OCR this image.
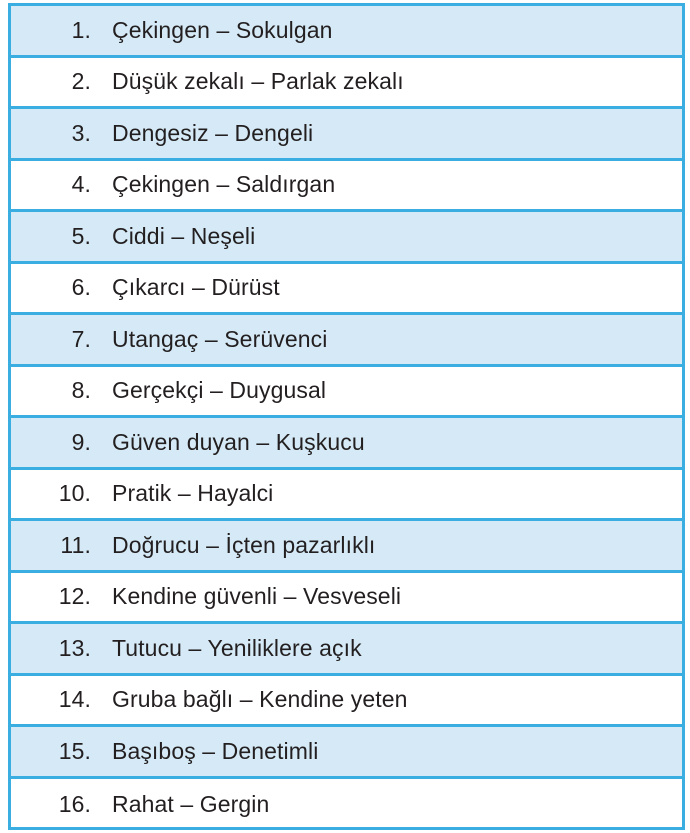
1. Çekingen – Sokulgan
2. Düşük zekalı – Parlak zekalı
3. Dengesiz – Dengeli
4. Çekingen – Saldırgan
5. Ciddi – Neşeli
6. Çıkarcı – Dürüst
7. Utangaç – Serüvenci
8. Gerçekçi – Duygusal
9. Güven duyan – Kuşkucu
10. Pratik – Hayalci
11. Doğrucu – İçten pazarlıklı
12. Kendine güvenli – Vesveseli
13. Tutucu – Yeniliklere açık
14. Gruba bağlı – Kendine yeten
15. Başıboş – Denetimli
16. Rahat – Gergin
